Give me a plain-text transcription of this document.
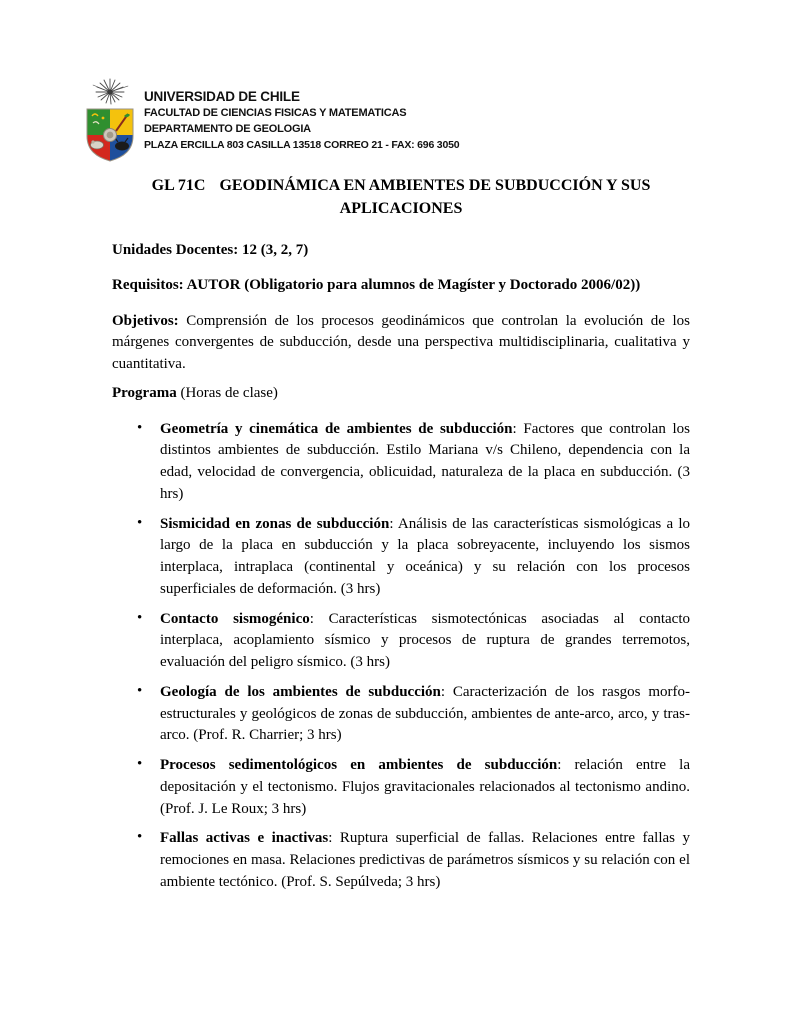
UNIVERSIDAD DE CHILE
FACULTAD DE CIENCIAS FISICAS Y MATEMATICAS
DEPARTAMENTO DE GEOLOGIA
PLAZA ERCILLA 803 CASILLA 13518 CORREO 21 - FAX: 696 3050
GL 71C GEODINÁMICA EN AMBIENTES DE SUBDUCCIÓN Y SUS APLICACIONES

Unidades Docentes: 12 (3, 2, 7)

Requisitos: AUTOR (Obligatorio para alumnos de Magíster y Doctorado 2006/02))

Objetivos: Comprensión de los procesos geodinámicos que controlan la evolución de los márgenes convergentes de subducción, desde una perspectiva multidisciplinaria, cualitativa y cuantitativa.

Programa (Horas de clase)

• Geometría y cinemática de ambientes de subducción: Factores que controlan los distintos ambientes de subducción. Estilo Mariana v/s Chileno, dependencia con la edad, velocidad de convergencia, oblicuidad, naturaleza de la placa en subducción. (3 hrs)
• Sismicidad en zonas de subducción: Análisis de las características sismológicas a lo largo de la placa en subducción y la placa sobreyacente, incluyendo los sismos interplaca, intraplaca (continental y oceánica) y su relación con los procesos superficiales de deformación. (3 hrs)
• Contacto sismogénico: Características sismotectónicas asociadas al contacto interplaca, acoplamiento sísmico y procesos de ruptura de grandes terremotos, evaluación del peligro sísmico. (3 hrs)
• Geología de los ambientes de subducción: Caracterización de los rasgos morfo-estructurales y geológicos de zonas de subducción, ambientes de ante-arco, arco, y tras-arco. (Prof. R. Charrier; 3 hrs)
• Procesos sedimentológicos en ambientes de subducción: relación entre la depositación y el tectonismo. Flujos gravitacionales relacionados al tectonismo andino. (Prof. J. Le Roux; 3 hrs)
• Fallas activas e inactivas: Ruptura superficial de fallas. Relaciones entre fallas y remociones en masa. Relaciones predictivas de parámetros sísmicos y su relación con el ambiente tectónico. (Prof. S. Sepúlveda; 3 hrs)
